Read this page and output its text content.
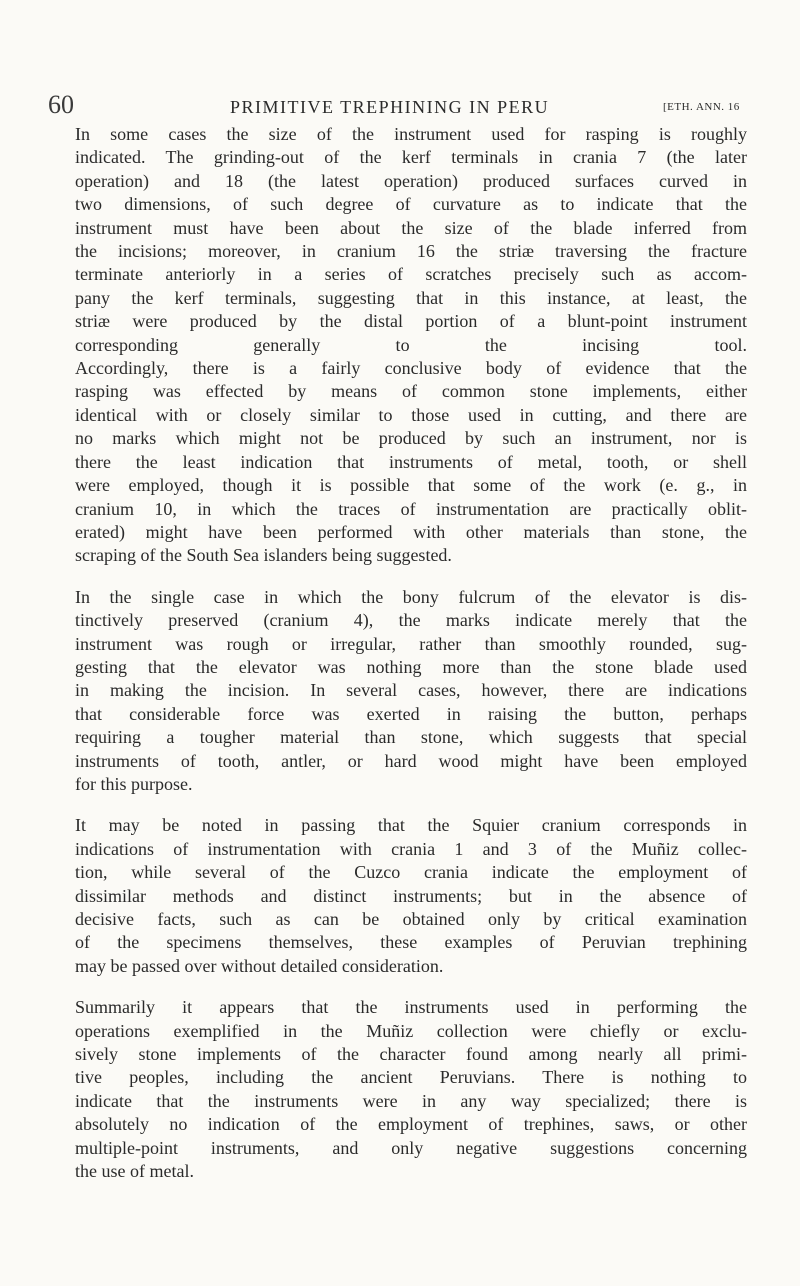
60	PRIMITIVE TREPHINING IN PERU	[ETH. ANN. 16

In some cases the size of the instrument used for rasping is roughly
indicated. The grinding-out of the kerf terminals in crania 7 (the later
operation) and 18 (the latest operation) produced surfaces curved in
two dimensions, of such degree of curvature as to indicate that the
instrument must have been about the size of the blade inferred from
the incisions; moreover, in cranium 16 the striæ traversing the fracture
terminate anteriorly in a series of scratches precisely such as accom-
pany the kerf terminals, suggesting that in this instance, at least, the
striæ were produced by the distal portion of a blunt-point instrument
corresponding generally to the incising tool.
Accordingly, there is a fairly conclusive body of evidence that the
rasping was effected by means of common stone implements, either
identical with or closely similar to those used in cutting, and there are
no marks which might not be produced by such an instrument, nor is
there the least indication that instruments of metal, tooth, or shell
were employed, though it is possible that some of the work (e. g., in
cranium 10, in which the traces of instrumentation are practically oblit-
erated) might have been performed with other materials than stone, the
scraping of the South Sea islanders being suggested.

In the single case in which the bony fulcrum of the elevator is dis-
tinctively preserved (cranium 4), the marks indicate merely that the
instrument was rough or irregular, rather than smoothly rounded, sug-
gesting that the elevator was nothing more than the stone blade used
in making the incision. In several cases, however, there are indications
that considerable force was exerted in raising the button, perhaps
requiring a tougher material than stone, which suggests that special
instruments of tooth, antler, or hard wood might have been employed
for this purpose.

It may be noted in passing that the Squier cranium corresponds in
indications of instrumentation with crania 1 and 3 of the Muñiz collec-
tion, while several of the Cuzco crania indicate the employment of
dissimilar methods and distinct instruments; but in the absence of
decisive facts, such as can be obtained only by critical examination
of the specimens themselves, these examples of Peruvian trephining
may be passed over without detailed consideration.

Summarily it appears that the instruments used in performing the
operations exemplified in the Muñiz collection were chiefly or exclu-
sively stone implements of the character found among nearly all primi-
tive peoples, including the ancient Peruvians. There is nothing to
indicate that the instruments were in any way specialized; there is
absolutely no indication of the employment of trephines, saws, or other
multiple-point instruments, and only negative suggestions concerning
the use of metal.
